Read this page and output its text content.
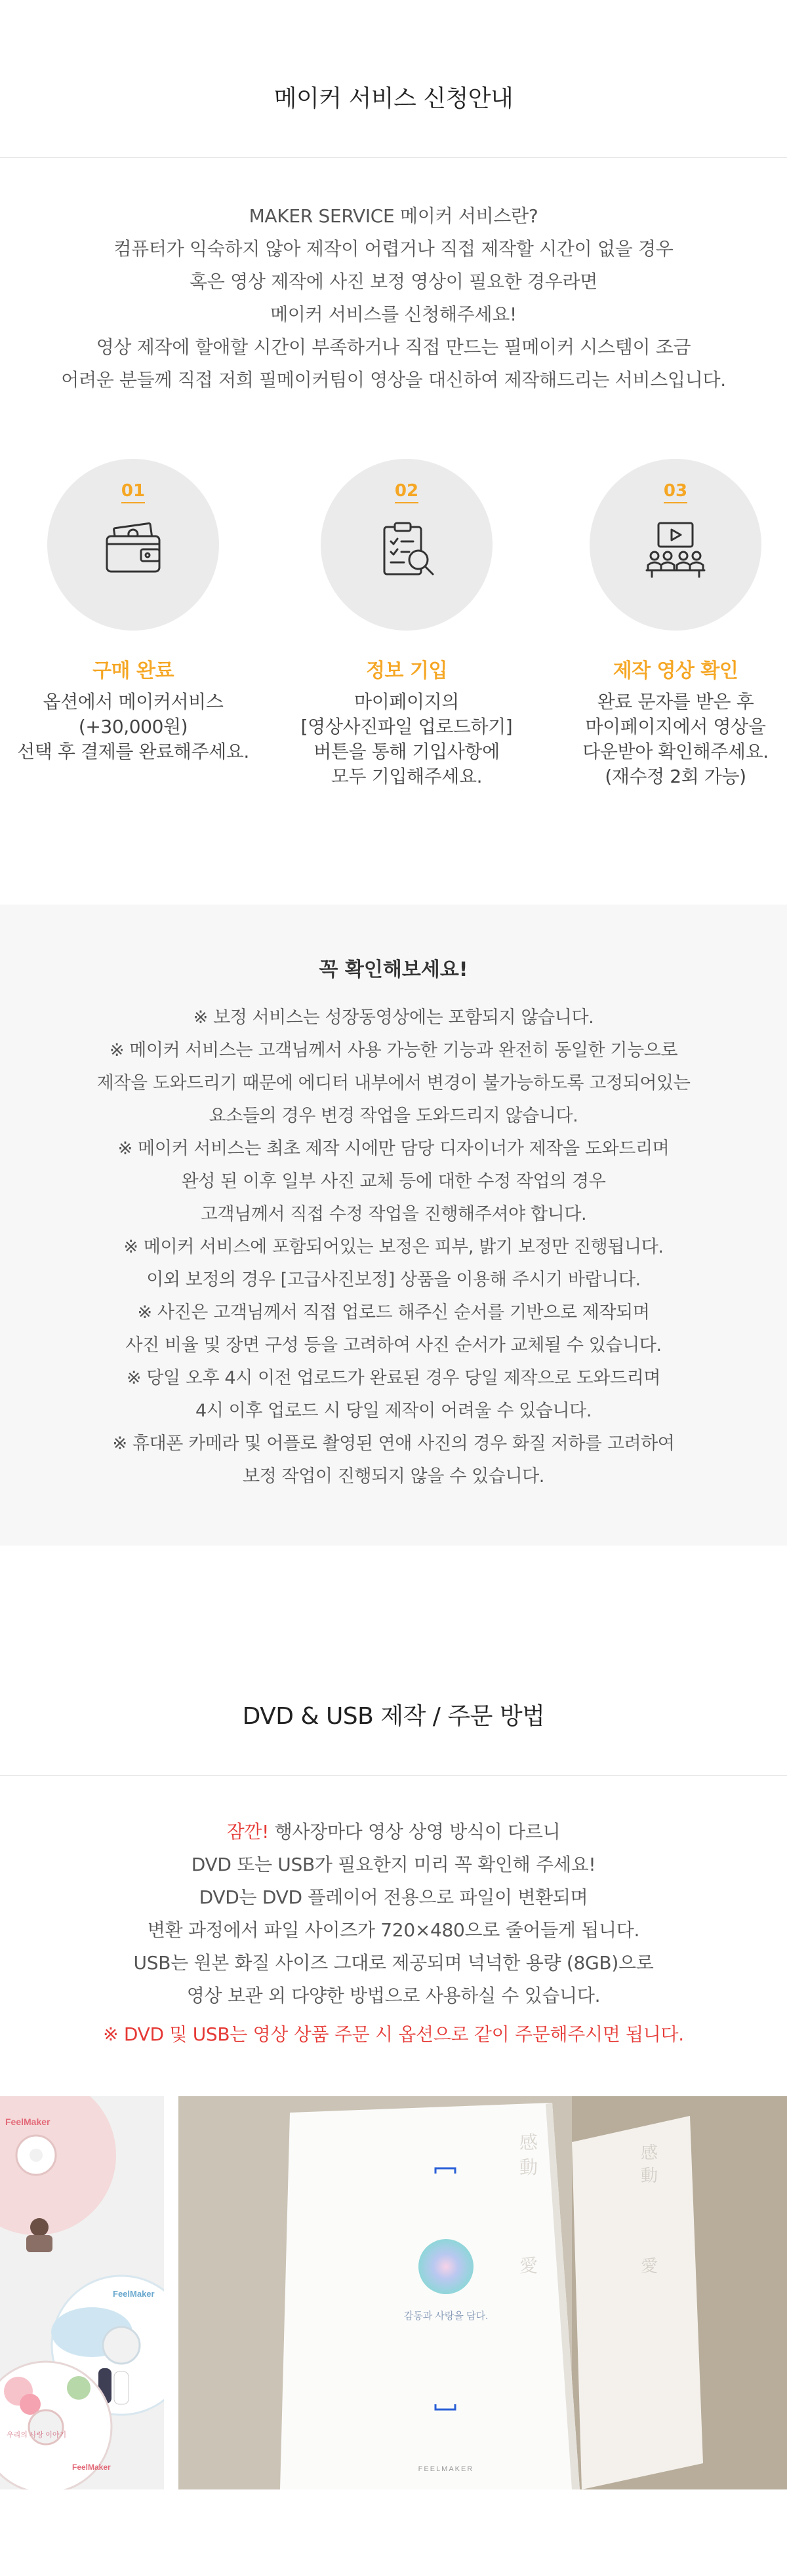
메이커 서비스 신청안내

MAKER SERVICE 메이커 서비스란?

컴퓨터가 익숙하지 않아 제작이 어렵거나 직접 제작할 시간이 없을 경우

혹은 영상 제작에 사진 보정 영상이 필요한 경우라면

메이커 서비스를 신청해주세요!

영상 제작에 할애할 시간이 부족하거나 직접 만드는 필메이커 시스템이 조금

어려운 분들께 직접 저희 필메이커팀이 영상을 대신하여 제작해드리는 서비스입니다.

01
구매 완료

옵션에서 메이커서비스

(+30,000원)

선택 후 결제를 완료해주세요.

02
정보 기입

마이페이지의

[영상사진파일 업로드하기]

버튼을 통해 기입사항에

모두 기입해주세요.

03
제작 영상 확인

완료 문자를 받은 후

마이페이지에서 영상을

다운받아 확인해주세요.

(재수정 2회 가능)

꼭 확인해보세요!

※ 보정 서비스는 성장동영상에는 포함되지 않습니다.

※ 메이커 서비스는 고객님께서 사용 가능한 기능과 완전히 동일한 기능으로

제작을 도와드리기 때문에 에디터 내부에서 변경이 불가능하도록 고정되어있는

요소들의 경우 변경 작업을 도와드리지 않습니다.

※ 메이커 서비스는 최초 제작 시에만 담당 디자이너가 제작을 도와드리며

완성 된 이후 일부 사진 교체 등에 대한 수정 작업의 경우

고객님께서 직접 수정 작업을 진행해주셔야 합니다.

※ 메이커 서비스에 포함되어있는 보정은 피부, 밝기 보정만 진행됩니다.

이외 보정의 경우 [고급사진보정] 상품을 이용해 주시기 바랍니다.

※ 사진은 고객님께서 직접 업로드 해주신 순서를 기반으로 제작되며

사진 비율 및 장면 구성 등을 고려하여 사진 순서가 교체될 수 있습니다.

※ 당일 오후 4시 이전 업로드가 완료된 경우 당일 제작으로 도와드리며

4시 이후 업로드 시 당일 제작이 어려울 수 있습니다.

※ 휴대폰 카메라 및 어플로 촬영된 연애 사진의 경우 화질 저하를 고려하여

보정 작업이 진행되지 않을 수 있습니다.

DVD & USB 제작 / 주문 방법

잠깐! 행사장마다 영상 상영 방식이 다르니

DVD 또는 USB가 필요한지 미리 꼭 확인해 주세요!

DVD는 DVD 플레이어 전용으로 파일이 변환되며

변환 과정에서 파일 사이즈가 720×480으로 줄어들게 됩니다.

USB는 원본 화질 사이즈 그대로 제공되며 넉넉한 용량 (8GB)으로

영상 보관 외 다양한 방법으로 사용하실 수 있습니다.

※ DVD 및 USB는 영상 상품 주문 시 옵션으로 같이 주문해주시면 됩니다.
FeelMaker
FeelMaker
우리의 사랑 이야기
FeelMaker
感
動
愛
感
動
愛
감동과 사랑을 담다.
FEELMAKER
